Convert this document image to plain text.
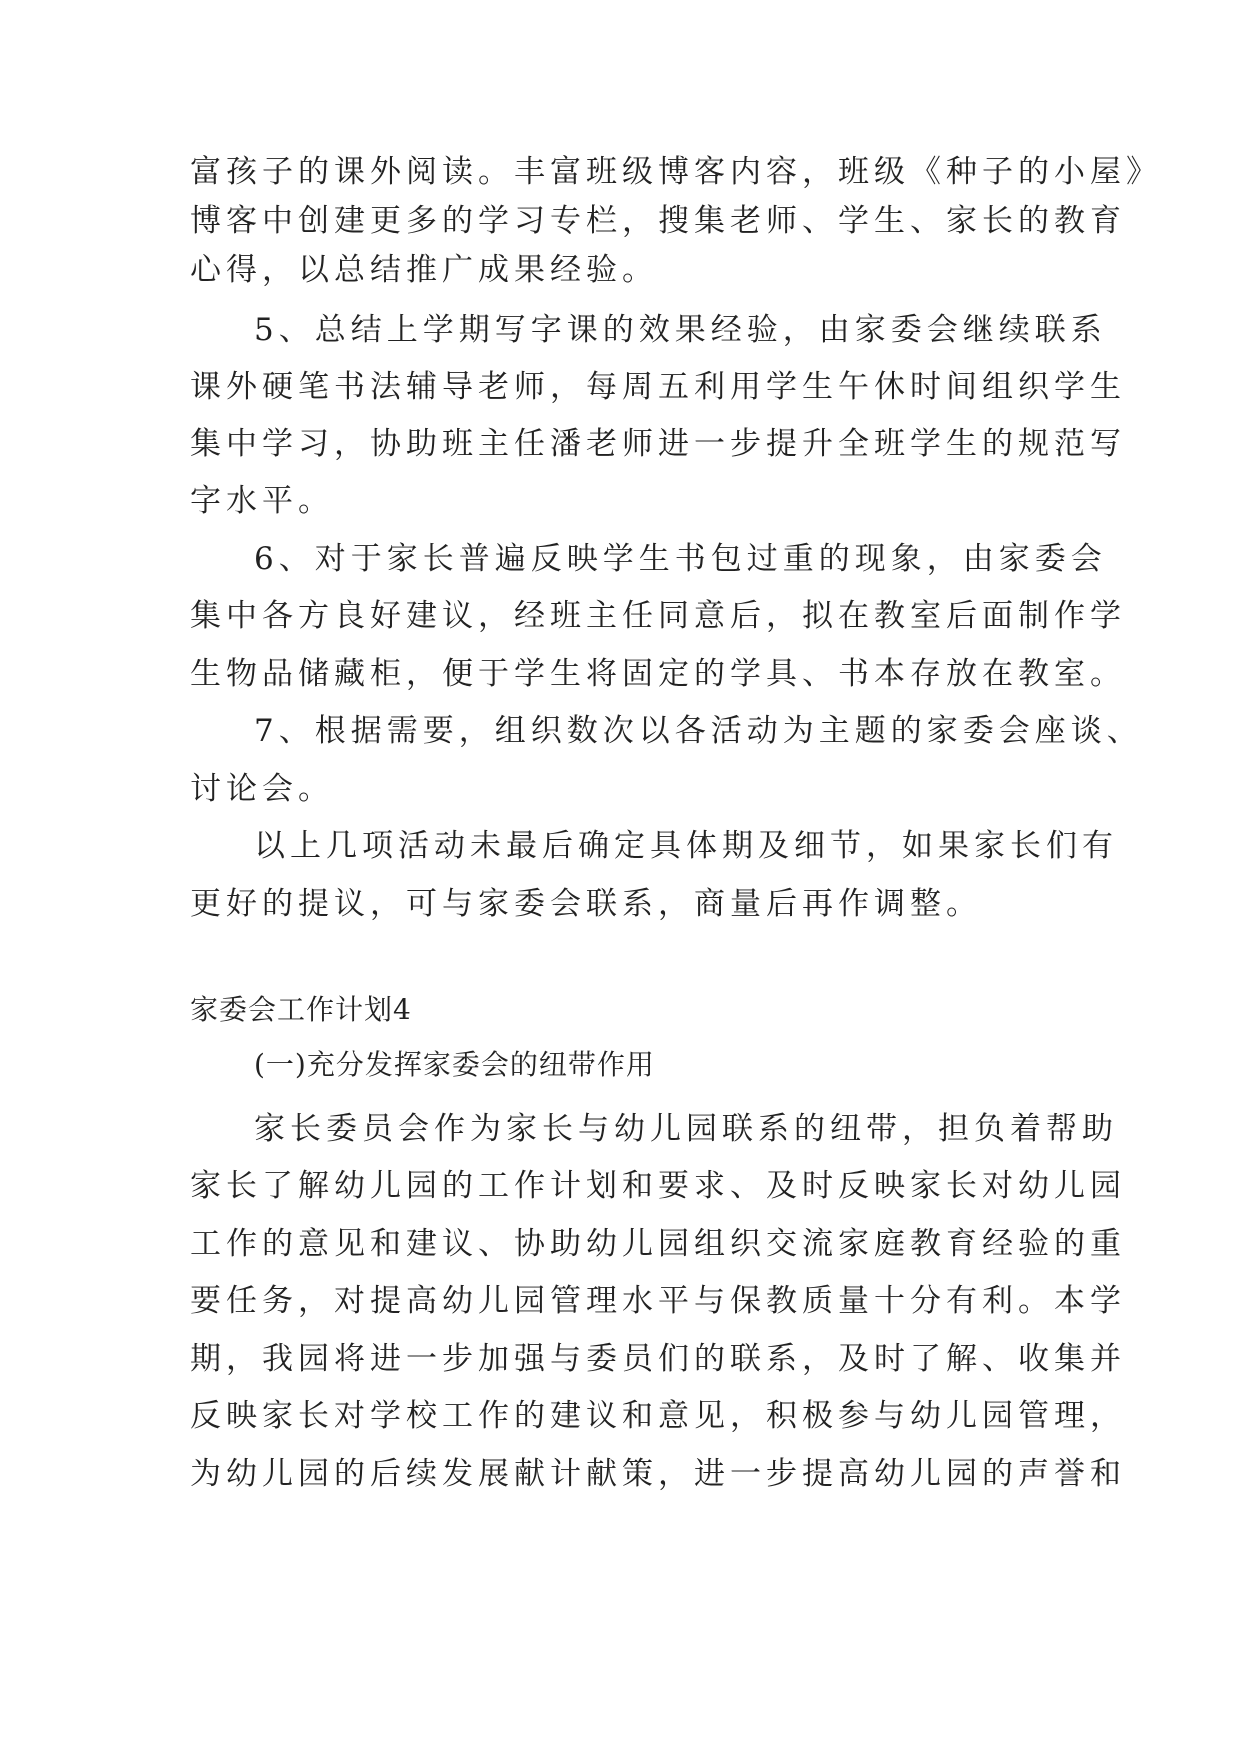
富孩子的课外阅读。丰富班级博客内容，班级《种子的小屋》
博客中创建更多的学习专栏，搜集老师、学生、家长的教育
心得，以总结推广成果经验。
5、总结上学期写字课的效果经验，由家委会继续联系
课外硬笔书法辅导老师，每周五利用学生午休时间组织学生
集中学习，协助班主任潘老师进一步提升全班学生的规范写
字水平。
6、对于家长普遍反映学生书包过重的现象，由家委会
集中各方良好建议，经班主任同意后，拟在教室后面制作学
生物品储藏柜，便于学生将固定的学具、书本存放在教室。
7、根据需要，组织数次以各活动为主题的家委会座谈、
讨论会。
以上几项活动未最后确定具体期及细节，如果家长们有
更好的提议，可与家委会联系，商量后再作调整。
家委会工作计划4
(一)充分发挥家委会的纽带作用
家长委员会作为家长与幼儿园联系的纽带，担负着帮助
家长了解幼儿园的工作计划和要求、及时反映家长对幼儿园
工作的意见和建议、协助幼儿园组织交流家庭教育经验的重
要任务，对提高幼儿园管理水平与保教质量十分有利。本学
期，我园将进一步加强与委员们的联系，及时了解、收集并
反映家长对学校工作的建议和意见，积极参与幼儿园管理，
为幼儿园的后续发展献计献策，进一步提高幼儿园的声誉和
